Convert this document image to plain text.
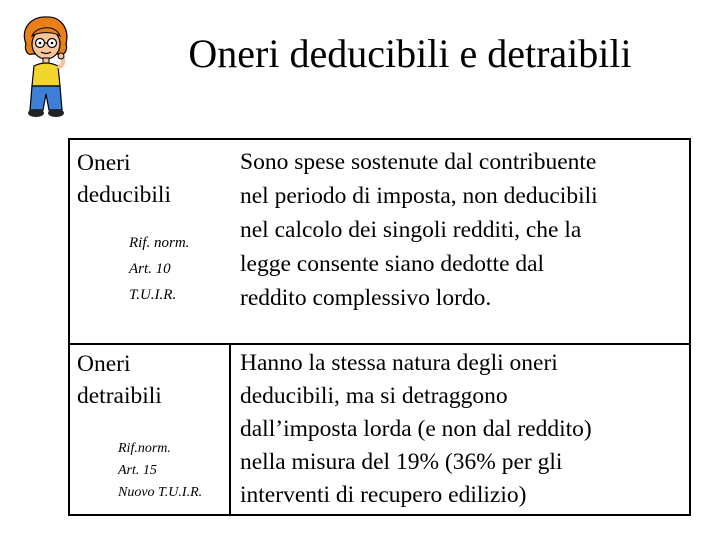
Oneri deducibili e detraibili
Oneri
deducibili
Rif. norm.
Art. 10
T.U.I.R.
Sono spese sostenute dal contribuente
nel periodo di imposta, non deducibili
nel calcolo dei singoli redditi, che la
legge consente siano dedotte dal
reddito complessivo lordo.
Oneri
detraibili
Rif.norm.
Art. 15
Nuovo T.U.I.R.
Hanno la stessa natura degli oneri
deducibili, ma si detraggono
dall’imposta lorda (e non dal reddito)
nella misura del 19% (36% per gli
interventi di recupero edilizio)
